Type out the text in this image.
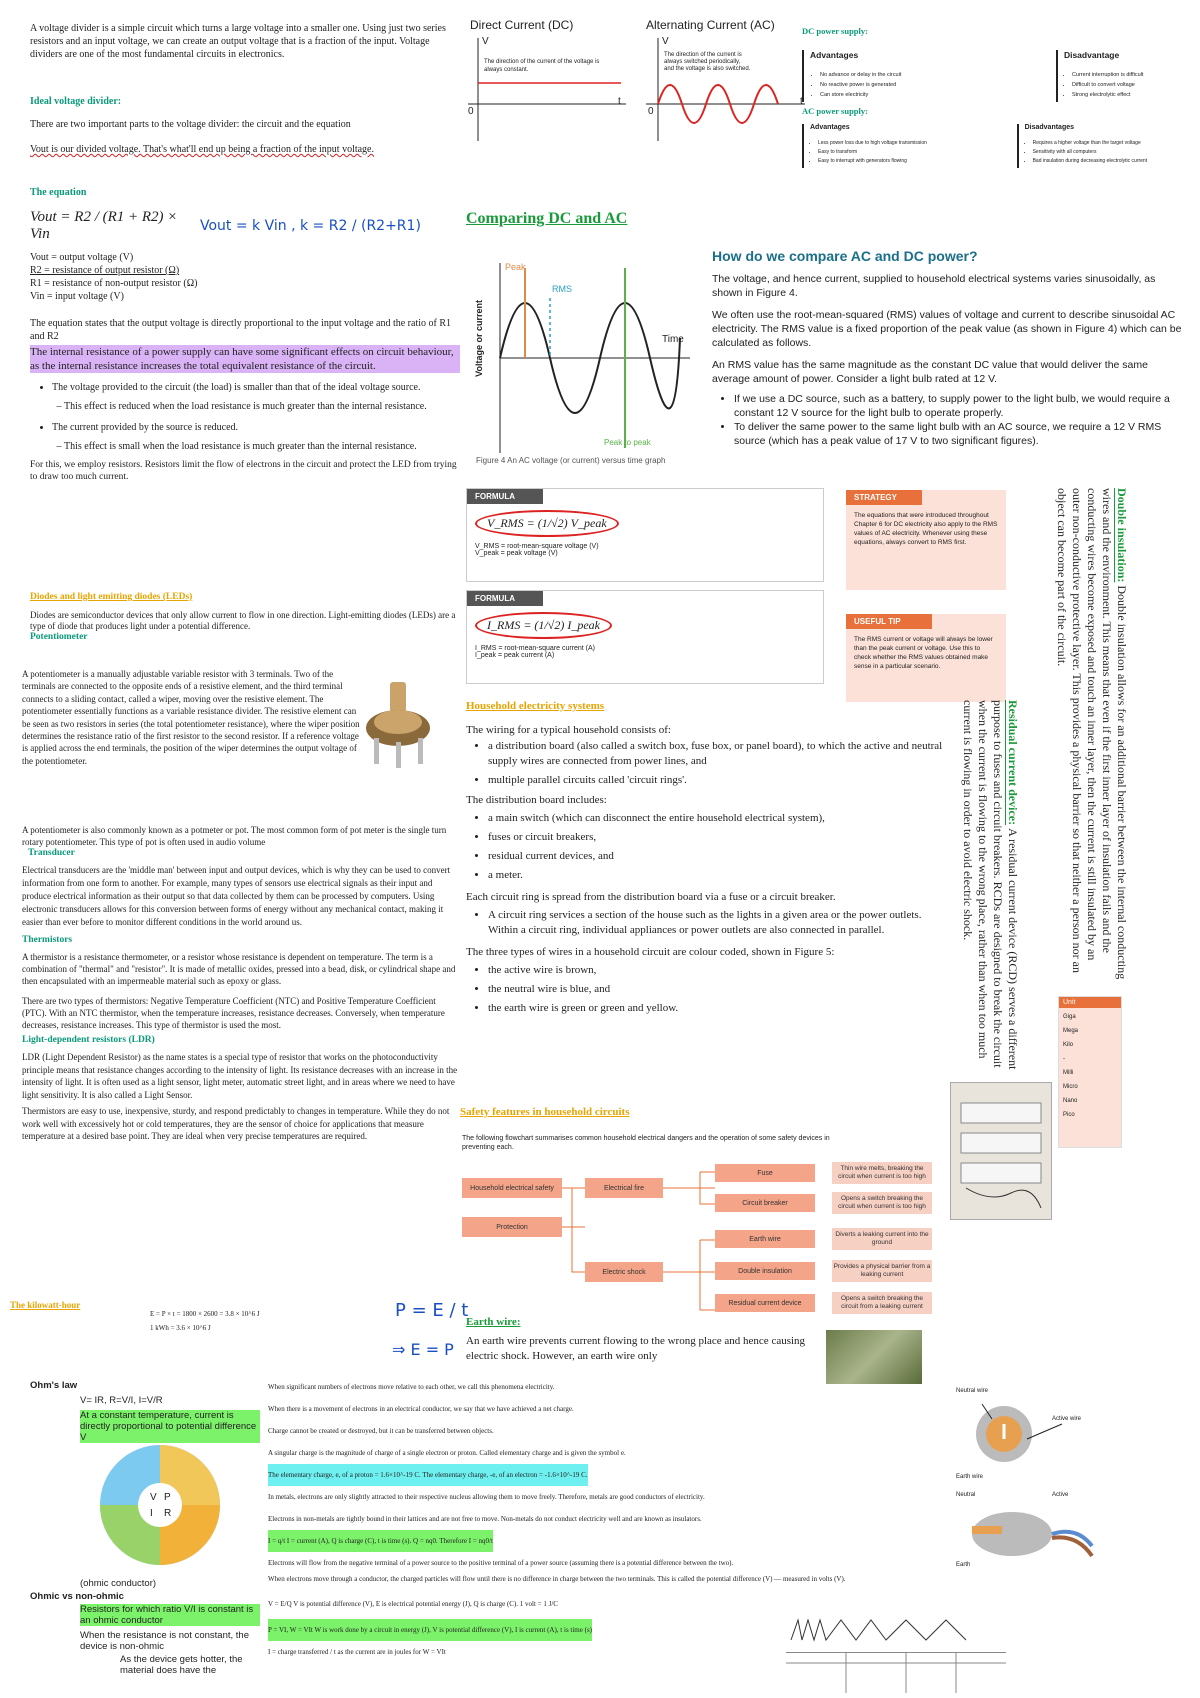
A voltage divider is a simple circuit which turns a large voltage into a smaller one. Using just two series resistors and an input voltage, we can create an output voltage that is a fraction of the input. Voltage dividers are one of the most fundamental circuits in electronics.

Ideal voltage divider:

There are two important parts to the voltage divider: the circuit and the equation

Vout is our divided voltage. That's what'll end up being a fraction of the input voltage.

The equation

Vout = R2 / (R1 + R2) × Vin	Vout = k Vin , k = R2 / (R2+R1)
Vout = output voltage (V)
R2 = resistance of output resistor (Ω)
R1 = resistance of non-output resistor (Ω)
Vin = input voltage (V)

The equation states that the output voltage is directly proportional to the input voltage and the ratio of R1 and R2

The internal resistance of a power supply can have some significant effects on circuit behaviour, as the internal resistance increases the total equivalent resistance of the circuit.

• The voltage provided to the circuit (the load) is smaller than that of the ideal voltage source.
– This effect is reduced when the load resistance is much greater than the internal resistance.
• The current provided by the source is reduced.
– This effect is small when the load resistance is much greater than the internal resistance.

For this, we employ resistors. Resistors limit the flow of electrons in the circuit and protect the LED from trying to draw too much current.

Diodes and light emitting diodes (LEDs)

Diodes are semiconductor devices that only allow current to flow in one direction. Light-emitting diodes (LEDs) are a type of diode that produces light under a potential difference.

Potentiometer

A potentiometer is a manually adjustable variable resistor with 3 terminals. Two of the terminals are connected to the opposite ends of a resistive element, and the third terminal connects to a sliding contact, called a wiper, moving over the resistive element. The potentiometer essentially functions as a variable resistance divider. The resistive element can be seen as two resistors in series (the total potentiometer resistance), where the wiper position determines the resistance ratio of the first resistor to the second resistor. If a reference voltage is applied across the end terminals, the position of the wiper determines the output voltage of the potentiometer.

A potentiometer is also commonly known as a potmeter or pot. The most common form of pot meter is the single turn rotary potentiometer. This type of pot is often used in audio volume

Transducer

Electrical transducers are the 'middle man' between input and output devices, which is why they can be used to convert information from one form to another. For example, many types of sensors use electrical signals as their input and produce electrical information as their output so that data collected by them can be processed by computers. Using electronic transducers allows for this conversion between forms of energy without any mechanical contact, making it easier than ever before to monitor different conditions in the world around us.

Thermistors

A thermistor is a resistance thermometer, or a resistor whose resistance is dependent on temperature. The term is a combination of "thermal" and "resistor". It is made of metallic oxides, pressed into a bead, disk, or cylindrical shape and then encapsulated with an impermeable material such as epoxy or glass.

There are two types of thermistors: Negative Temperature Coefficient (NTC) and Positive Temperature Coefficient (PTC). With an NTC thermistor, when the temperature increases, resistance decreases. Conversely, when temperature decreases, resistance increases. This type of thermistor is used the most.

Light-dependent resistors (LDR)

LDR (Light Dependent Resistor) as the name states is a special type of resistor that works on the photoconductivity principle means that resistance changes according to the intensity of light. Its resistance decreases with an increase in the intensity of light. It is often used as a light sensor, light meter, automatic street light, and in areas where we need to have light sensitivity. It is also called a Light Sensor.

Thermistors are easy to use, inexpensive, sturdy, and respond predictably to changes in temperature. While they do not work well with excessively hot or cold temperatures, they are the sensor of choice for applications that measure temperature at a desired base point. They are ideal when very precise temperatures are required.

The kilowatt-hour
E = P × t = 1800 × 2600 = 3.8 × 10^6 J
1 kWh = 3.6 × 10^6 J
P = E / t
⇒ E = P
Ohm's law
V= IR, R=V/I, I=V/R
At a constant temperature, current is directly proportional to potential difference V
V P
I R
(ohmic conductor)
Ohmic vs non-ohmic
Resistors for which ratio V/I is constant is an ohmic conductor
When the resistance is not constant, the device is non-ohmic
As the device gets hotter, the material does have the
Direct Current (DC)	Alternating Current (AC)
The direction of the current of the voltage is
always constant.
V
t
0
The direction of the current is
always switched periodically,
and the voltage is also switched.
V
t
0
DC power supply:
Advantages
• No advance or delay in the circuit
• No reactive power is generated
• Can store electricity
Disadvantage
• Current interruption is difficult
• Difficult to convert voltage
• Strong electrolytic effect
AC power supply:
Advantages
• Less power loss due to high voltage transmission
• Easy to transform
• Easy to interrupt with generators flowing
Disadvantages
• Requires a higher voltage than the target voltage
• Sensitivity with all computers
• Bad insulation during decreasing electrolytic current
Comparing DC and AC
Peak
RMS
Time
Voltage or current
Peak to peak
Figure 4 An AC voltage (or current) versus time graph
How do we compare AC and DC power?

The voltage, and hence current, supplied to household electrical systems varies sinusoidally, as shown in Figure 4.

We often use the root-mean-squared (RMS) values of voltage and current to describe sinusoidal AC electricity. The RMS value is a fixed proportion of the peak value (as shown in Figure 4) which can be calculated as follows.

An RMS value has the same magnitude as the constant DC value that would deliver the same average amount of power. Consider a light bulb rated at 12 V.

• If we use a DC source, such as a battery, to supply power to the light bulb, we would require a constant 12 V source for the light bulb to operate properly.
• To deliver the same power to the same light bulb with an AC source, we require a 12 V RMS source (which has a peak value of 17 V to two significant figures).
FORMULA
V_RMS = (1/√2) V_peak
V_RMS = root-mean-square voltage (V)
V_peak = peak voltage (V)
FORMULA
I_RMS = (1/√2) I_peak
I_RMS = root-mean-square current (A)
I_peak = peak current (A)
STRATEGY
The equations that were introduced throughout Chapter 6 for DC electricity also apply to the RMS values of AC electricity. Whenever using these equations, always convert to RMS first.
USEFUL TIP
The RMS current or voltage will always be lower than the peak current or voltage. Use this to check whether the RMS values obtained make sense in a particular scenario.
Household electricity systems

The wiring for a typical household consists of:

• a distribution board (also called a switch box, fuse box, or panel board), to which the active and neutral supply wires are connected from power lines, and
• multiple parallel circuits called 'circuit rings'.

The distribution board includes:

• a main switch (which can disconnect the entire household electrical system),
• fuses or circuit breakers,
• residual current devices, and
• a meter.

Each circuit ring is spread from the distribution board via a fuse or a circuit breaker.

• A circuit ring services a section of the house such as the lights in a given area or the power outlets. Within a circuit ring, individual appliances or power outlets are also connected in parallel.

The three types of wires in a household circuit are colour coded, shown in Figure 5:

• the active wire is brown,
• the neutral wire is blue, and
• the earth wire is green or green and yellow.
Safety features in household circuits
The following flowchart summarises common household electrical dangers and the operation of some safety devices in preventing each.
Household electrical safety	Electrical fire
Protection
Electric shock
Fuse
Circuit breaker
Earth wire
Double insulation
Residual current device
Thin wire melts, breaking the circuit when current is too high
Opens a switch breaking the circuit when current is too high
Diverts a leaking current into the ground
Provides a physical barrier from a leaking current
Opens a switch breaking the circuit from a leaking current
Earth wire:

An earth wire prevents current flowing to the wrong place and hence causing electric shock. However, an earth wire only

Unit
Giga
Mega
Kilo
-
Milli
Micro
Nano
Pico
Double insulation: Double insulation allows for an additional barrier between the internal conducting wires and the environment. This means that even if the first inner layer of insulation fails and the conducting wires become exposed and touch an inner layer, then the current is still insulated by an outer non-conductive protective layer. This provides a physical barrier so that neither a person nor an object can become part of the circuit.
Residual current device: A residual current device (RCD) serves a different purpose to fuses and circuit breakers. RCDs are designed to break the circuit when the current is flowing to the wrong place, rather than when too much current is flowing in order to avoid electric shock.
When significant numbers of electrons move relative to each other, we call this phenomena electricity.
When there is a movement of electrons in an electrical conductor, we say that we have achieved a net charge.
Charge cannot be created or destroyed, but it can be transferred between objects.
A singular charge is the magnitude of charge of a single electron or proton. Called elementary charge and is given the symbol e.
The elementary charge, e, of a proton = 1.6×10^-19 C. The elementary charge, -e, of an electron = -1.6×10^-19 C.
In metals, electrons are only slightly attracted to their respective nucleus allowing them to move freely. Therefore, metals are good conductors of electricity.
Electrons in non-metals are tightly bound in their lattices and are not free to move. Non-metals do not conduct electricity well and are known as insulators.
I = q/t I = current (A), Q is charge (C), t is time (s). Q = nq0. Therefore I = nq0/t
Electrons will flow from the negative terminal of a power source to the positive terminal of a power source (assuming there is a potential difference between the two).
When electrons move through a conductor, the charged particles will flow until there is no difference in charge between the two terminals. This is called the potential difference (V) — measured in volts (V).
V = E/Q V is potential difference (V), E is electrical potential energy (J), Q is charge (C). 1 volt = 1 J/C
P = VI, W = VIt W is work done by a circuit in energy (J), V is potential difference (V), I is current (A), t is time (s)
I = charge transferred / t as the current are in joules for W = VIt
Neutral wire
Active wire
Earth wire
Neutral	Active
Earth
